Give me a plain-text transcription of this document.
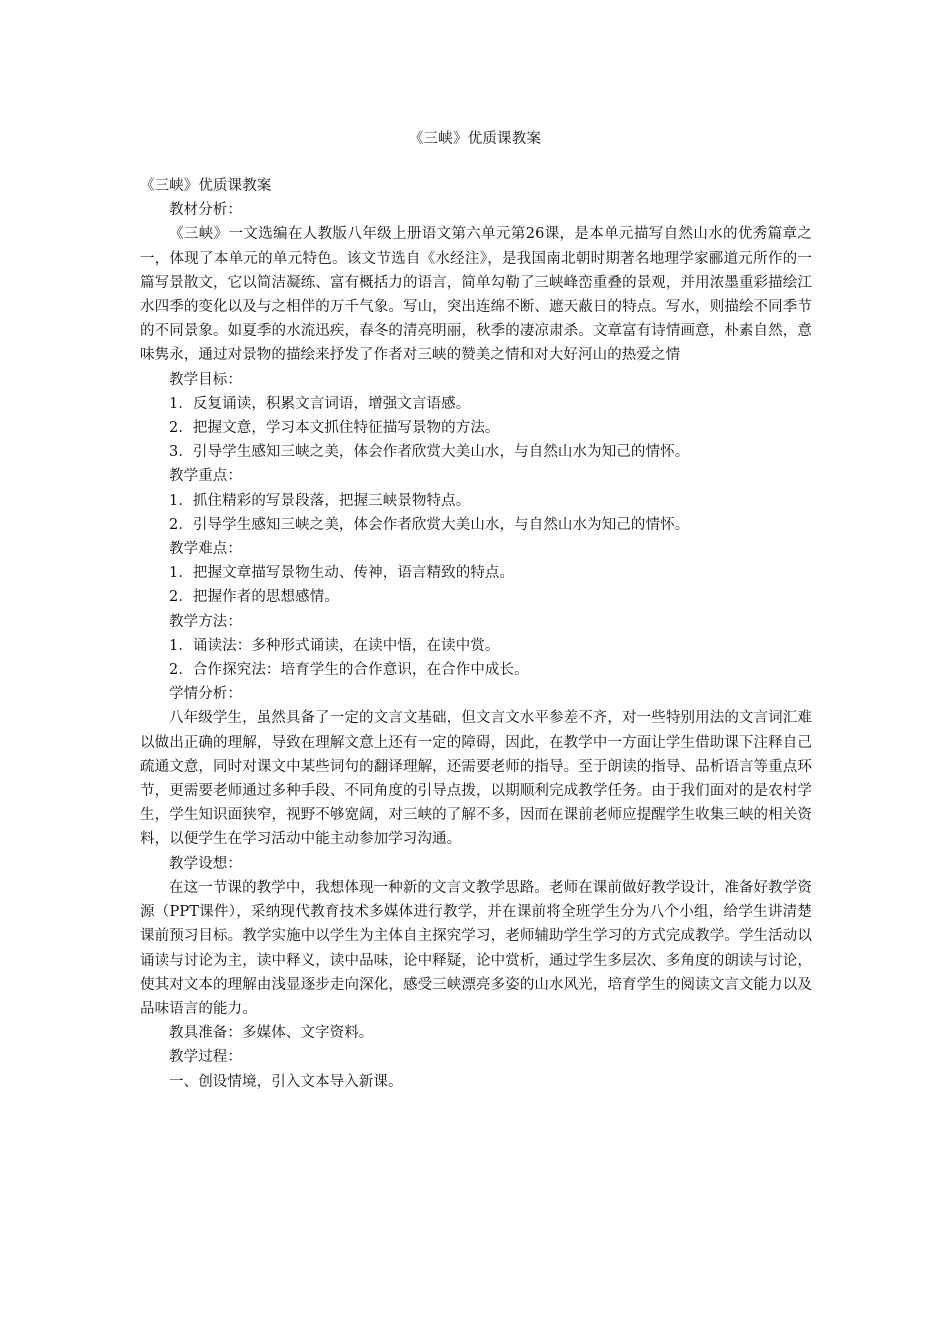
《三峡》优质课教案

《三峡》优质课教案

教材分析：

《三峡》一文选编在人教版八年级上册语文第六单元第26课，是本单元描写自然山水的优秀篇章之一，体现了本单元的单元特色。该文节选自《水经注》，是我国南北朝时期著名地理学家郦道元所作的一篇写景散文，它以简洁凝练、富有概括力的语言，简单勾勒了三峡峰峦重叠的景观，并用浓墨重彩描绘江水四季的变化以及与之相伴的万千气象。写山，突出连绵不断、遮天蔽日的特点。写水，则描绘不同季节的不同景象。如夏季的水流迅疾，春冬的清亮明丽，秋季的凄凉肃杀。文章富有诗情画意，朴素自然，意味隽永，通过对景物的描绘来抒发了作者对三峡的赞美之情和对大好河山的热爱之情

教学目标：

1．反复诵读，积累文言词语，增强文言语感。

2．把握文意，学习本文抓住特征描写景物的方法。

3．引导学生感知三峡之美，体会作者欣赏大美山水，与自然山水为知己的情怀。

教学重点：

1．抓住精彩的写景段落，把握三峡景物特点。

2．引导学生感知三峡之美，体会作者欣赏大美山水，与自然山水为知己的情怀。

教学难点：

1．把握文章描写景物生动、传神，语言精致的特点。

2．把握作者的思想感情。

教学方法：

1．诵读法：多种形式诵读，在读中悟，在读中赏。

2．合作探究法：培育学生的合作意识，在合作中成长。

学情分析：

八年级学生，虽然具备了一定的文言文基础，但文言文水平参差不齐，对一些特别用法的文言词汇难以做出正确的理解，导致在理解文意上还有一定的障碍，因此，在教学中一方面让学生借助课下注释自己疏通文意，同时对课文中某些词句的翻译理解，还需要老师的指导。至于朗读的指导、品析语言等重点环节，更需要老师通过多种手段、不同角度的引导点拨，以期顺利完成教学任务。由于我们面对的是农村学生，学生知识面狭窄，视野不够宽阔，对三峡的了解不多，因而在课前老师应提醒学生收集三峡的相关资料，以便学生在学习活动中能主动参加学习沟通。

教学设想：

在这一节课的教学中，我想体现一种新的文言文教学思路。老师在课前做好教学设计，准备好教学资源（PPT课件），采纳现代教育技术多媒体进行教学，并在课前将全班学生分为八个小组，给学生讲清楚课前预习目标。教学实施中以学生为主体自主探究学习，老师辅助学生学习的方式完成教学。学生活动以诵读与讨论为主，读中释义，读中品味，论中释疑，论中赏析，通过学生多层次、多角度的朗读与讨论，使其对文本的理解由浅显逐步走向深化，感受三峡漂亮多姿的山水风光，培育学生的阅读文言文能力以及品味语言的能力。

教具准备：多媒体、文字资料。

教学过程：

一、创设情境，引入文本导入新课。
